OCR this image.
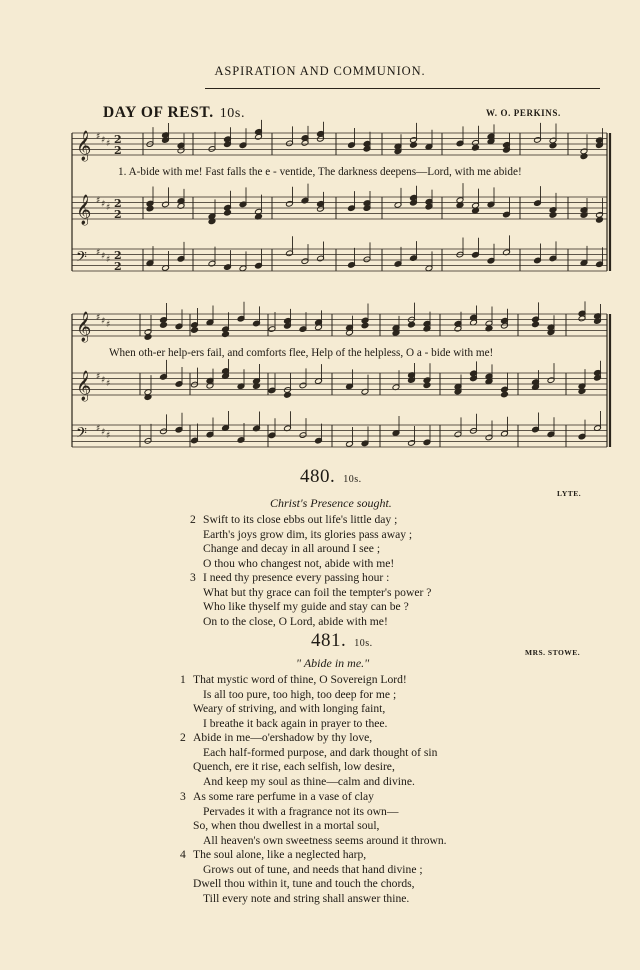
ASPIRATION AND COMMUNION.
DAY OF REST. 10s.	W. O. PERKINS.
𝄞 ♯ ♯ ♯ 2
2
𝄞 ♯ ♯ ♯ 2
2
𝄢 ♯ ♯ ♯ 2
2
𝄞 ♯ ♯ ♯
𝄞 ♯ ♯ ♯
𝄢 ♯ ♯ ♯
1. A-bide with me! Fast falls the e - ventide, The darkness deepens—Lord, with me abide!
When oth-er help-ers fail, and comforts flee, Help of the helpless, O a - bide with me!
480. 10s.
LYTE.
Christ's Presence sought.
2 Swift to its close ebbs out life's little day ;
Earth's joys grow dim, its glories pass away ;
Change and decay in all around I see ;
O thou who changest not, abide with me!
3 I need thy presence every passing hour :
What but thy grace can foil the tempter's power ?
Who like thyself my guide and stay can be ?
On to the close, O Lord, abide with me!
481. 10s.
MRS. STOWE.
" Abide in me."
1 That mystic word of thine, O Sovereign Lord!
Is all too pure, too high, too deep for me ;
Weary of striving, and with longing faint,
I breathe it back again in prayer to thee.
2 Abide in me—o'ershadow by thy love,
Each half-formed purpose, and dark thought of sin
Quench, ere it rise, each selfish, low desire,
And keep my soul as thine—calm and divine.
3 As some rare perfume in a vase of clay
Pervades it with a fragrance not its own—
So, when thou dwellest in a mortal soul,
All heaven's own sweetness seems around it thrown.
4 The soul alone, like a neglected harp,
Grows out of tune, and needs that hand divine ;
Dwell thou within it, tune and touch the chords,
Till every note and string shall answer thine.
